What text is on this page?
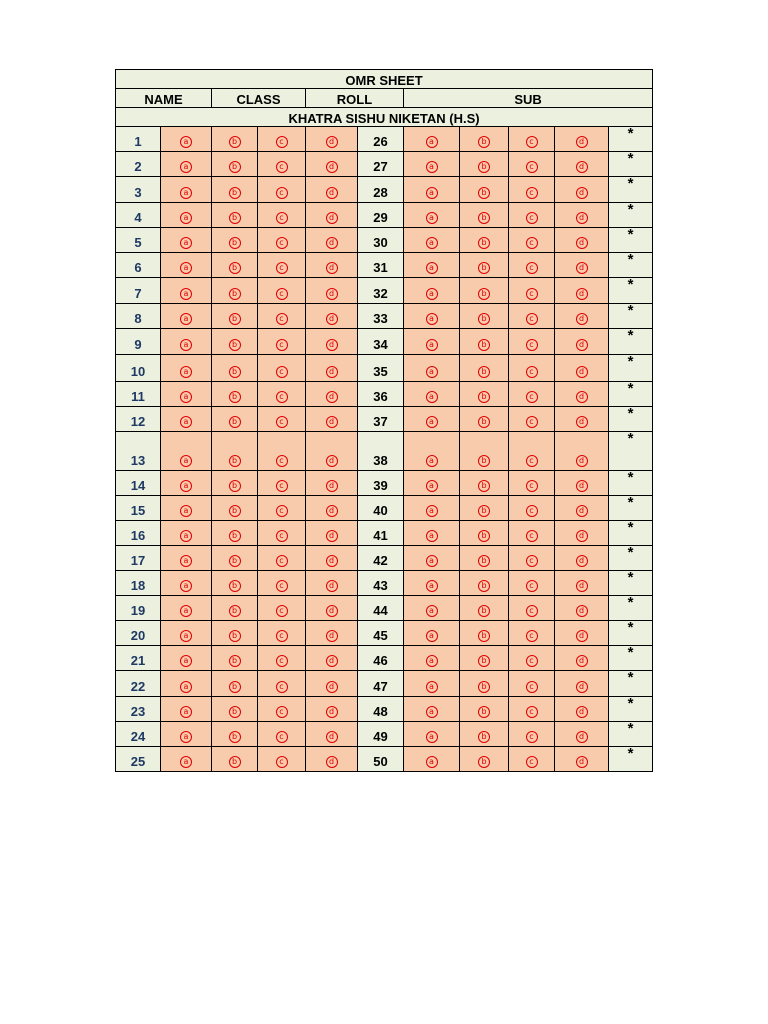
OMR SHEET										
NAME		CLASS		ROLL		SUB				
KHATRA SISHU NIKETAN (H.S)										
1	a	b	c	d	26	a	b	c	d	*
2	a	b	c	d	27	a	b	c	d	*
3	a	b	c	d	28	a	b	c	d	*
4	a	b	c	d	29	a	b	c	d	*
5	a	b	c	d	30	a	b	c	d	*
6	a	b	c	d	31	a	b	c	d	*
7	a	b	c	d	32	a	b	c	d	*
8	a	b	c	d	33	a	b	c	d	*
9	a	b	c	d	34	a	b	c	d	*
10	a	b	c	d	35	a	b	c	d	*
11	a	b	c	d	36	a	b	c	d	*
12	a	b	c	d	37	a	b	c	d	*
13	a	b	c	d	38	a	b	c	d	*
14	a	b	c	d	39	a	b	c	d	*
15	a	b	c	d	40	a	b	c	d	*
16	a	b	c	d	41	a	b	c	d	*
17	a	b	c	d	42	a	b	c	d	*
18	a	b	c	d	43	a	b	c	d	*
19	a	b	c	d	44	a	b	c	d	*
20	a	b	c	d	45	a	b	c	d	*
21	a	b	c	d	46	a	b	c	d	*
22	a	b	c	d	47	a	b	c	d	*
23	a	b	c	d	48	a	b	c	d	*
24	a	b	c	d	49	a	b	c	d	*
25	a	b	c	d	50	a	b	c	d	*
